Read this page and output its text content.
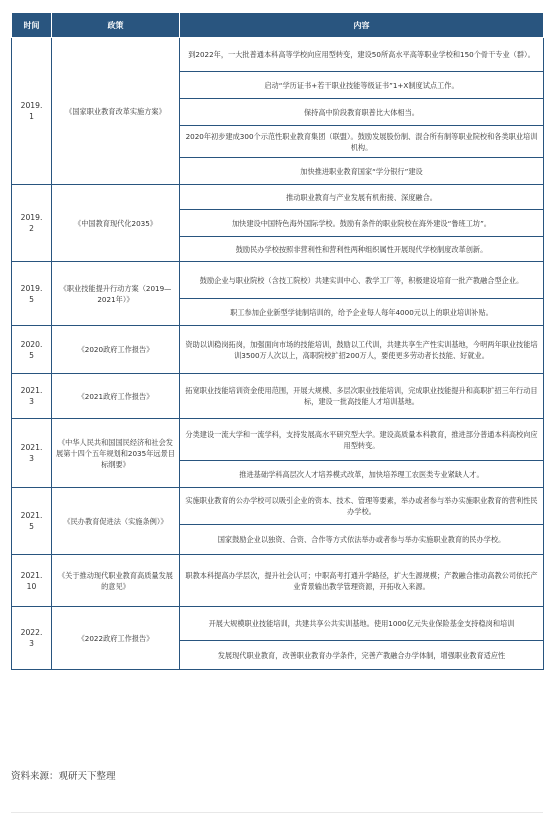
时间	政策	内容
2019.
1	《国家职业教育改革实施方案》	到2022年，一大批普通本科高等学校向应用型转变，建设50所高水平高等职业学校和150个骨干专业（群）。
		启动“学历证书+若干职业技能等级证书”1+X制度试点工作。
		保持高中阶段教育职普比大体相当。
		2020年初步建成300个示范性职业教育集团（联盟）。鼓励发展股份制、混合所有制等职业院校和各类职业培训机构。
		加快推进职业教育国家“学分银行”建设
2019.
2	《中国教育现代化2035》	推动职业教育与产业发展有机衔接、深度融合。
		加快建设中国特色海外国际学校。鼓励有条件的职业院校在海外建设“鲁班工坊”。
		鼓励民办学校按照非营利性和营利性两种组织属性开展现代学校制度改革创新。
2019.
5	《职业技能提升行动方案（2019—2021年）》	鼓励企业与职业院校（含技工院校）共建实训中心、教学工厂等，积极建设培育一批产教融合型企业。
		职工参加企业新型学徒制培训的，给予企业每人每年4000元以上的职业培训补贴。
2020.
5	《2020政府工作报告》	资助以训稳岗拓岗，加强面向市场的技能培训，鼓励以工代训，共建共享生产性实训基地，今明两年职业技能培训3500万人次以上，高职院校扩招200万人，要使更多劳动者长技能、好就业。
2021.
3	《2021政府工作报告》	拓宽职业技能培训资金使用范围，开展大规模、多层次职业技能培训，完成职业技能提升和高职扩招三年行动目标，建设一批高技能人才培训基地。
2021.
3	《中华人民共和国国民经济和社会发展第十四个五年规划和2035年远景目标纲要》	分类建设一流大学和一流学科，支持发展高水平研究型大学。建设高质量本科教育，推进部分普通本科高校向应用型转变。
		推进基础学科高层次人才培养模式改革，加快培养理工农医类专业紧缺人才。
2021.
5	《民办教育促进法（实施条例）》	实施职业教育的公办学校可以吸引企业的资本、技术、管理等要素，举办或者参与举办实施职业教育的营利性民办学校。
		国家鼓励企业以独资、合资、合作等方式依法举办或者参与举办实施职业教育的民办学校。
2021.
10	《关于推动现代职业教育高质量发展的意见》	职教本科提高办学层次，提升社会认可；中职高考打通升学路径，扩大生源规模；产教融合推动高教公司依托产业背景输出教学管理资源，开拓收入来源。
2022.
3	《2022政府工作报告》	开展大规模职业技能培训，共建共享公共实训基地。使用1000亿元失业保险基金支持稳岗和培训
		发展现代职业教育，改善职业教育办学条件，完善产教融合办学体制，增强职业教育适应性
资料来源：观研天下整理
